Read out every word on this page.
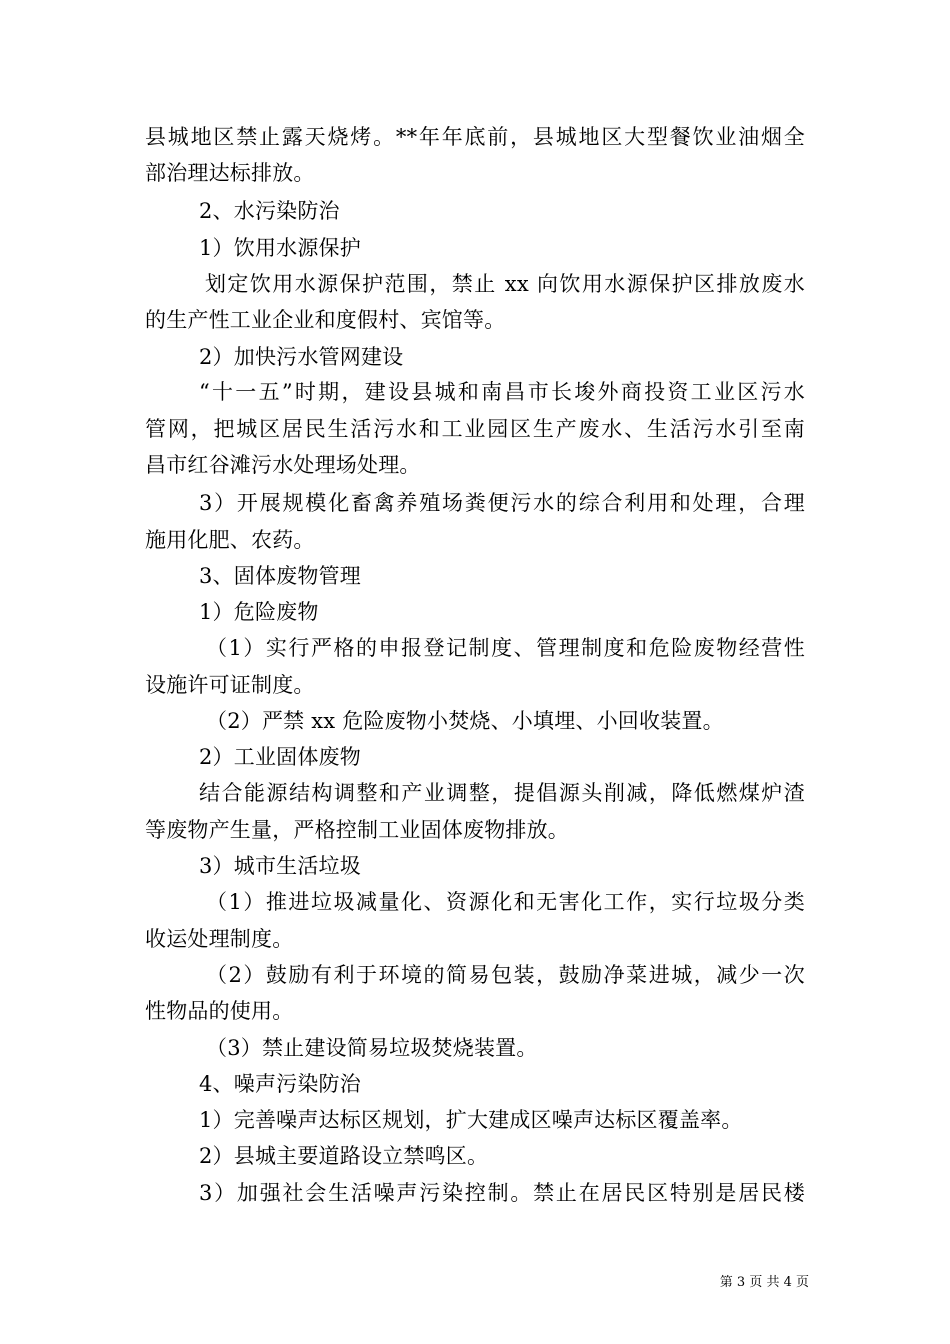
县城地区禁止露天烧烤。**年年底前，县城地区大型餐饮业油烟全
部治理达标排放。
2、水污染防治
1）饮用水源保护
划定饮用水源保护范围，禁止 xx 向饮用水源保护区排放废水
的生产性工业企业和度假村、宾馆等。
2）加快污水管网建设
“十一五”时期，建设县城和南昌市长埈外商投资工业区污水
管网，把城区居民生活污水和工业园区生产废水、生活污水引至南
昌市红谷滩污水处理场处理。
3）开展规模化畜禽养殖场粪便污水的综合利用和处理，合理
施用化肥、农药。
3、固体废物管理
1）危险废物
（1）实行严格的申报登记制度、管理制度和危险废物经营性
设施许可证制度。
（2）严禁 xx 危险废物小焚烧、小填埋、小回收装置。
2）工业固体废物
结合能源结构调整和产业调整，提倡源头削减，降低燃煤炉渣
等废物产生量，严格控制工业固体废物排放。
3）城市生活垃圾
（1）推进垃圾减量化、资源化和无害化工作，实行垃圾分类
收运处理制度。
（2）鼓励有利于环境的简易包装，鼓励净菜进城，减少一次
性物品的使用。
（3）禁止建设简易垃圾焚烧装置。
4、噪声污染防治
1）完善噪声达标区规划，扩大建成区噪声达标区覆盖率。
2）县城主要道路设立禁鸣区。
3）加强社会生活噪声污染控制。禁止在居民区特别是居民楼
第 3 页 共 4 页
